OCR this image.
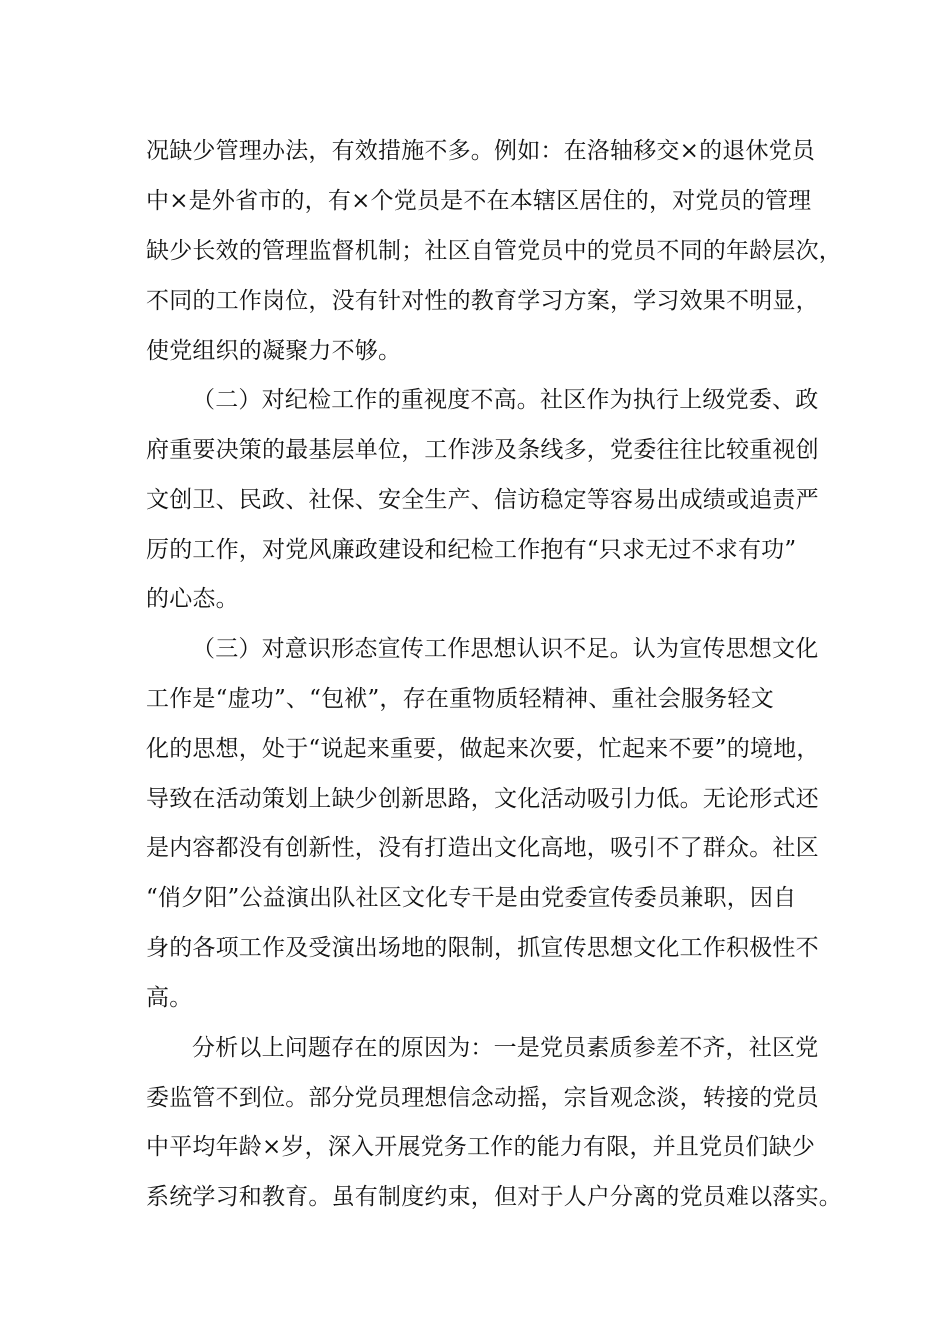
况缺少管理办法，有效措施不多。例如：在洛轴移交×的退休党员
中×是外省市的，有×个党员是不在本辖区居住的，对党员的管理
缺少长效的管理监督机制；社区自管党员中的党员不同的年龄层次，
不同的工作岗位，没有针对性的教育学习方案，学习效果不明显，
使党组织的凝聚力不够。
（二）对纪检工作的重视度不高。社区作为执行上级党委、政
府重要决策的最基层单位，工作涉及条线多，党委往往比较重视创
文创卫、民政、社保、安全生产、信访稳定等容易出成绩或追责严
厉的工作，对党风廉政建设和纪检工作抱有“只求无过不求有功”
的心态。
（三）对意识形态宣传工作思想认识不足。认为宣传思想文化
工作是“虚功”、“包袱”，存在重物质轻精神、重社会服务轻文
化的思想，处于“说起来重要，做起来次要，忙起来不要”的境地，
导致在活动策划上缺少创新思路，文化活动吸引力低。无论形式还
是内容都没有创新性，没有打造出文化高地，吸引不了群众。社区
“俏夕阳”公益演出队社区文化专干是由党委宣传委员兼职，因自
身的各项工作及受演出场地的限制，抓宣传思想文化工作积极性不
高。
分析以上问题存在的原因为：一是党员素质参差不齐，社区党
委监管不到位。部分党员理想信念动摇，宗旨观念淡，转接的党员
中平均年龄×岁，深入开展党务工作的能力有限，并且党员们缺少
系统学习和教育。虽有制度约束，但对于人户分离的党员难以落实。
